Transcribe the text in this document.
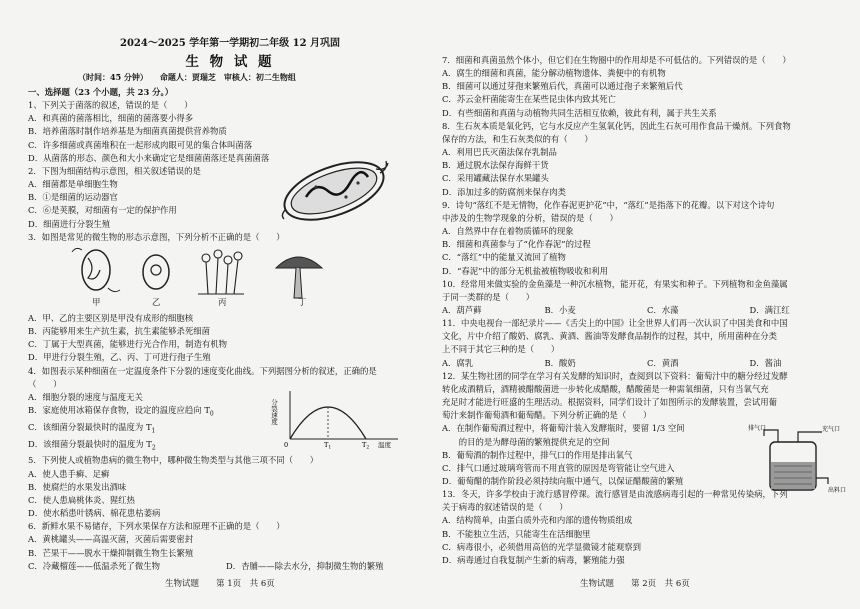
2024～2025 学年第一学期初二年级 12 月巩固
生 物 试 题
（时间：45 分钟）　　命题人：贾瑞芝　审核人：初二生物组
一、选择题（23 个小题，共 23 分。）
1、下列关于菌落的叙述，错误的是（　　）
A．和真菌的菌落相比，细菌的菌落要小得多
B．培养菌落时制作培养基是为细菌真菌提供营养物质
C．许多细菌或真菌堆积在一起形成肉眼可见的集合体叫菌落
D．从菌落的形态、颜色和大小来确定它是细菌菌落还是真菌菌落
2．下图为细菌结构示意图，相关叙述错误的是
A．细菌都是单细胞生物
B．①是细菌的运动器官
C．⑥是荚膜，对细菌有一定的保护作用
D．细菌进行分裂生殖
3．如图是常见的微生物的形态示意图，下列分析不正确的是（　　）
甲	乙	丙	丁
A．甲、乙的主要区别是甲没有成形的细胞核
B．丙能够用来生产抗生素，抗生素能够杀死细菌
C．丁属于大型真菌，能够进行光合作用，制造有机物
D．甲进行分裂生殖，乙、丙、丁可进行孢子生殖
4．如图表示某种细菌在一定温度条件下分裂的速度变化曲线。下列据图分析的叙述，正确的是
（　　）
A．细胞分裂的速度与温度无关
B．家庭使用冰箱保存食物，设定的温度应趋向 $T_0$
C．该细菌分裂最快时的温度为 $T_1$
D．该细菌分裂最快时的温度为 $T_2$
分裂速度
0	$T_1$	$T_2$ 温度
5．下列使人或植物患病的微生物中，哪种微生物类型与其他三项不同（　　）
A．使人患手癣、足癣
B．使腐烂的水果发出酒味
C．使人患扁桃体炎、猩红热
D．使水稻患叶锈病、棉花患枯萎病
6．新鲜水果不易储存，下列水果保存方法和原理不正确的是（　　）
A．黄桃罐头——高温灭菌，灭菌后需要密封
B．芒果干——脱水干燥抑制微生物生长繁殖
C．冷藏榴莲——低温杀死了微生物	D．杏脯——除去水分，抑制微生物的繁殖
生物试题　　第 1页　共 6页
7．细菌和真菌虽然个体小，但它们在生物圈中的作用却是不可低估的。下列错误的是（　　）
A．腐生的细菌和真菌，能分解动植物遗体、粪便中的有机物
B．细菌可以通过芽孢来繁殖后代，真菌可以通过孢子来繁殖后代
C．苏云金杆菌能寄生在某些昆虫体内致其死亡
D．有些细菌和真菌与动植物共同生活相互依赖，彼此有利，属于共生关系
8．生石灰本质是氧化钙，它与水反应产生氢氧化钙，因此生石灰可用作食品干燥剂。下列食物
保存的方法，和生石灰类似的有（　　）
A．利用巴氏灭菌法保存乳制品
B．通过脱水法保存海鲜干货
C．采用罐藏法保存水果罐头
D．添加过多的防腐剂来保存肉类
9．诗句“落红不是无情物，化作春泥更护花”中，“落红”是指落下的花瓣。以下对这个诗句
中涉及的生物学现象的分析，错误的是（　　）
A．自然界中存在着物质循环的现象
B．细菌和真菌参与了“化作春泥”的过程
C．“落红”中的能量又流回了植物
D．“春泥”中的部分无机盐被植物吸收和利用
10．经常用来做实验的金鱼藻是一种沉水植物，能开花，有果实和种子。下列植物和金鱼藻属
于同一类群的是（　　）
A．葫芦藓	B．小麦	C．水藻	D．满江红
11．中央电视台一部纪录片——《舌尖上的中国》让全世界人们再一次认识了中国美食和中国
文化，片中介绍了酸奶、腐乳、黄酒、酱油等发酵食品制作的过程，其中，所用菌种在分类
上不同于其它三种的是（　　）
A．腐乳	B．酸奶	C．黄酒	D．酱油
12．某生物社团的同学在学习有关发酵的知识时，查阅到以下资料：葡萄汁中的糖分经过发酵
转化成酒精后，酒精被醋酸菌进一步转化成醋酸，醋酸菌是一种需氧细菌，只有当氧气充
充足时才能进行旺盛的生理活动。根据资料，同学们设计了如图所示的发酵装置，尝试用葡
萄汁来制作葡萄酒和葡萄醋。下列分析正确的是（　　）
A．在制作葡萄酒过程中，将葡萄汁装入发酵瓶时，要留 1/3 空间
　　的目的是为酵母菌的繁殖提供充足的空间
B．葡萄酒的制作过程中，排气口的作用是排出氧气
C．排气口通过玻璃弯管而不用直管的原因是弯管能让空气进入
D．葡萄醋的制作阶段必须持续向瓶中通气，以保证醋酸菌的繁殖
排气口	充气口
出料口
13．冬天，许多学校由于流行感冒停课。流行感冒是由流感病毒引起的一种常见传染病，下列
关于病毒的叙述错误的是（　　）
A．结构简单，由蛋白质外壳和内部的遗传物质组成
B．不能独立生活，只能寄生在活细胞里
C．病毒很小，必须借用高倍的光学显微镜才能观察到
D．病毒通过自我复制产生新的病毒，繁殖能力强
生物试题　　第 2页　共 6页
